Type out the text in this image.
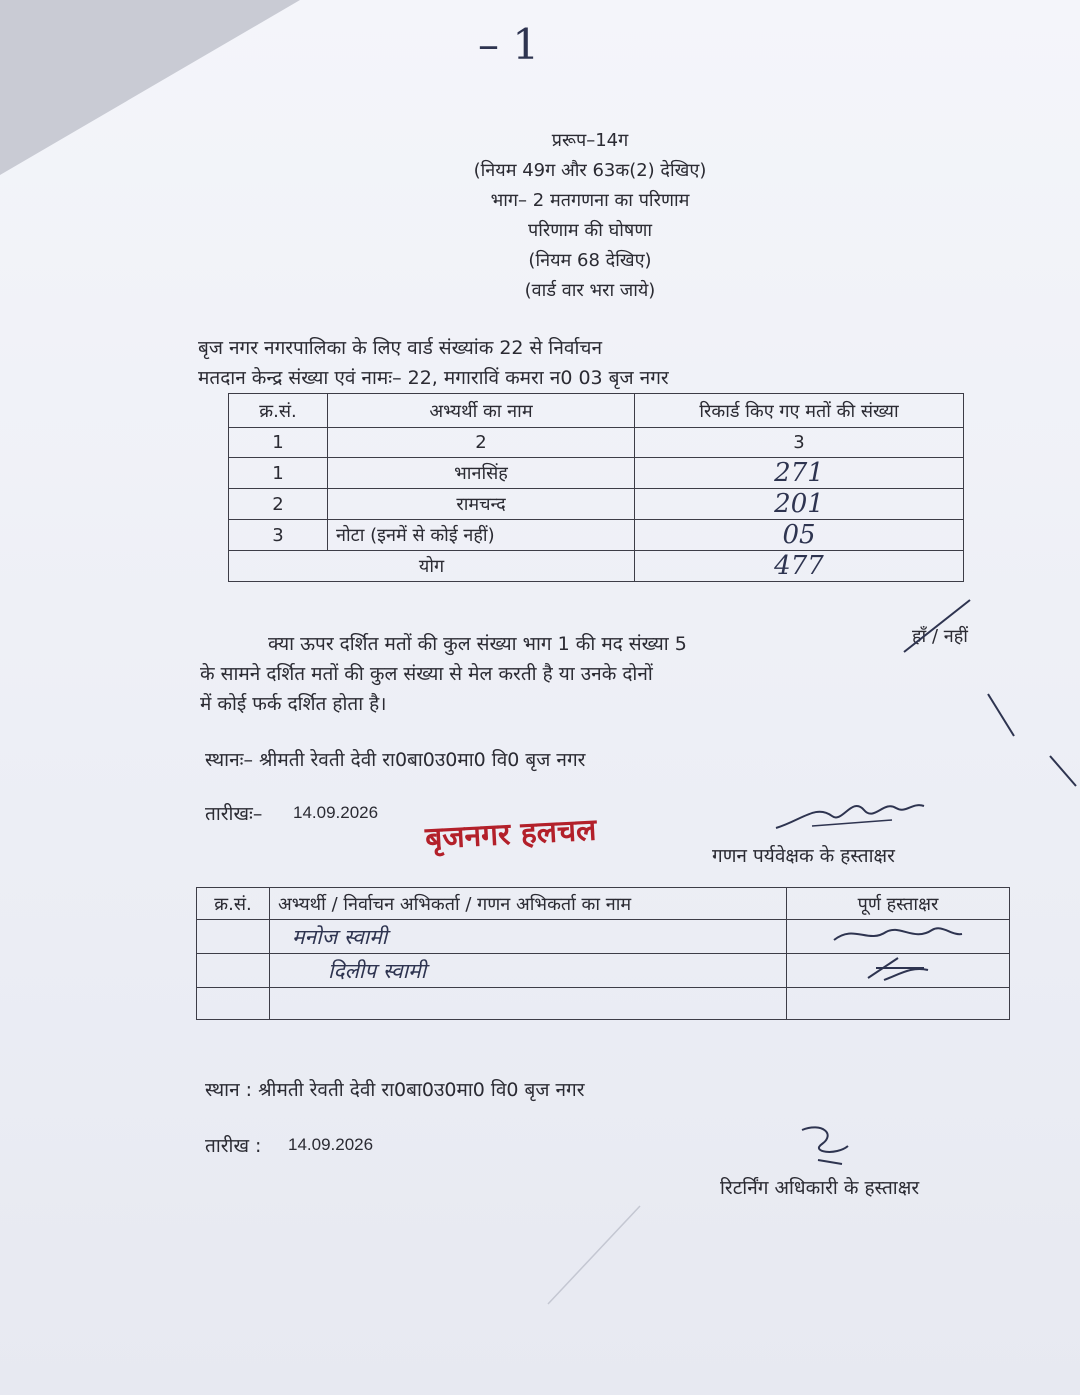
– 1
प्ररूप–14ग
(नियम 49ग और 63क(2) देखिए)
भाग– 2 मतगणना का परिणाम
परिणाम की घोषणा
(नियम 68 देखिए)
(वार्ड वार भरा जाये)
बृज नगर नगरपालिका के लिए वार्ड संख्यांक 22 से निर्वाचन
मतदान केन्द्र संख्या एवं नामः– 22, मगाराविं कमरा न0 03 बृज नगर
क्र.सं.	अभ्यर्थी का नाम	रिकार्ड किए गए मतों की संख्या
1	2	3
1	भानसिंह	271
2	रामचन्द	201
3	नोटा (इनमें से कोई नहीं)	05
योग		477
क्या ऊपर दर्शित मतों की कुल संख्या भाग 1 की मद संख्या 5
के सामने दर्शित मतों की कुल संख्या से मेल करती है या उनके दोनों
में कोई फर्क दर्शित होता है।
हाँ / नहीं
स्थानः– श्रीमती रेवती देवी रा0बा0उ0मा0 वि0 बृज नगर
तारीखः– 14.09.2026
बृजनगर हलचल	गणन पर्यवेक्षक के हस्ताक्षर
क्र.सं.	अभ्यर्थी / निर्वाचन अभिकर्ता / गणन अभिकर्ता का नाम	पूर्ण हस्ताक्षर
	मनोज स्वामी	
	दिलीप स्वामी	

स्थान : श्रीमती रेवती देवी रा0बा0उ0मा0 वि0 बृज नगर
तारीख : 14.09.2026
रिटर्निंग अधिकारी के हस्ताक्षर
